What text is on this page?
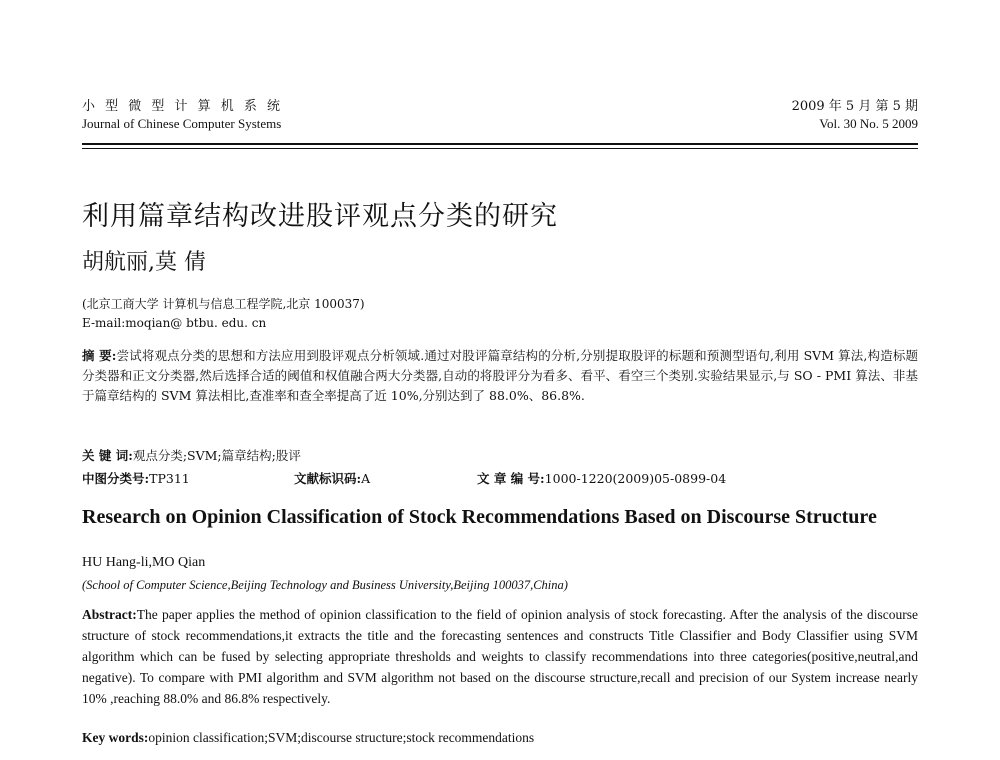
小 型 微 型 计 算 机 系 统
Journal of Chinese Computer Systems
2009 年 5 月 第 5 期
Vol. 30 No. 5 2009
利用篇章结构改进股评观点分类的研究
胡航丽,莫 倩
(北京工商大学 计算机与信息工程学院,北京 100037)
E-mail:moqian@ btbu. edu. cn
摘 要:尝试将观点分类的思想和方法应用到股评观点分析领域.通过对股评篇章结构的分析,分别提取股评的标题和预测型语句,利用 SVM 算法,构造标题分类器和正文分类器,然后选择合适的阈值和权值融合两大分类器,自动的将股评分为看多、看平、看空三个类别.实验结果显示,与 SO - PMI 算法、非基于篇章结构的 SVM 算法相比,查准率和查全率提高了近 10%,分别达到了 88.0%、86.8%.
关 键 词:观点分类;SVM;篇章结构;股评
中图分类号:TP311	文献标识码:A	文 章 编 号:1000-1220(2009)05-0899-04
Research on Opinion Classification of Stock Recommendations Based on Discourse Structure
HU Hang-li,MO Qian
(School of Computer Science,Beijing Technology and Business University,Beijing 100037,China)
Abstract:The paper applies the method of opinion classification to the field of opinion analysis of stock forecasting. After the analysis of the discourse structure of stock recommendations,it extracts the title and the forecasting sentences and constructs Title Classifier and Body Classifier using SVM algorithm which can be fused by selecting appropriate thresholds and weights to classify recommendations into three categories(positive,neutral,and negative). To compare with PMI algorithm and SVM algorithm not based on the discourse structure,recall and precision of our System increase nearly 10% ,reaching 88.0% and 86.8% respectively.
Key words:opinion classification;SVM;discourse structure;stock recommendations
